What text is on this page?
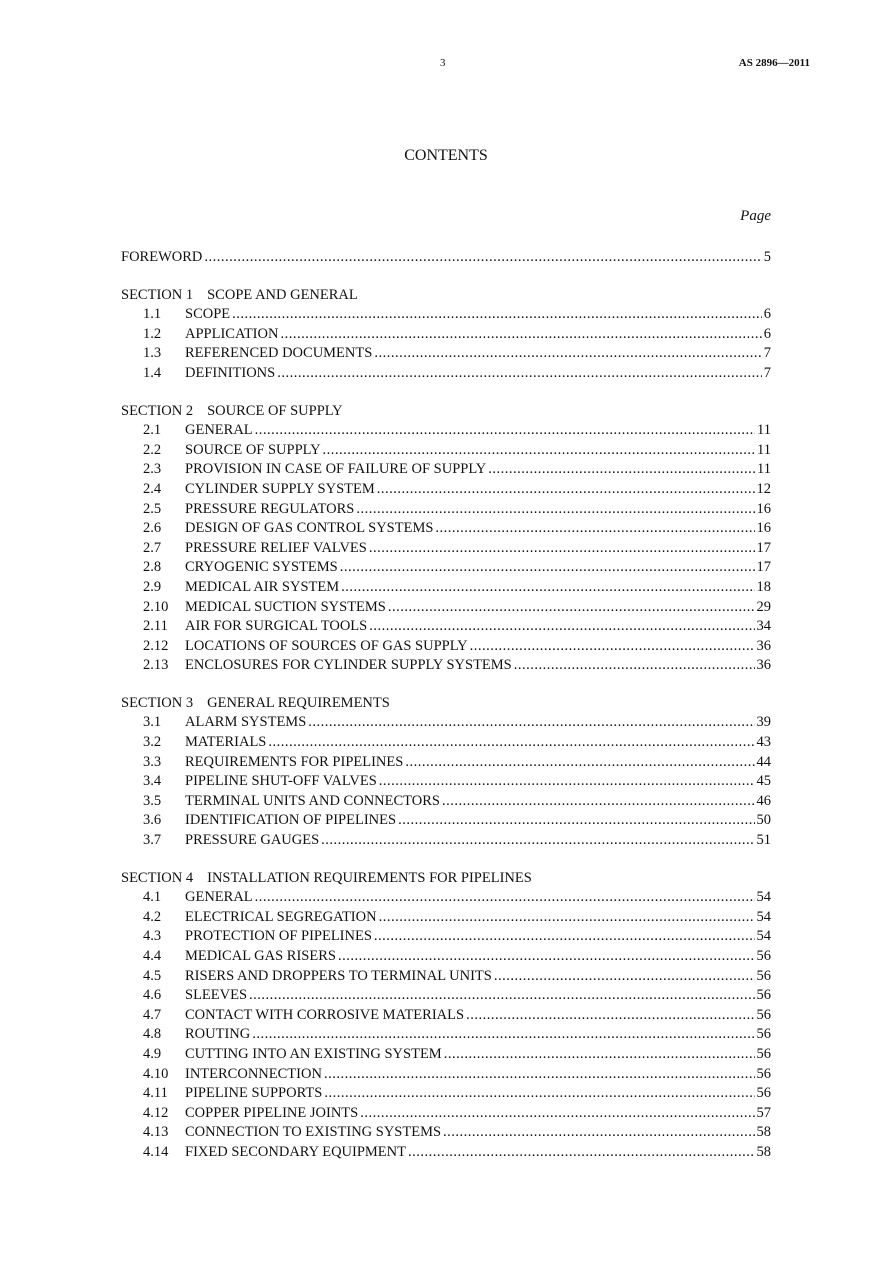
3	AS 2896—2011
CONTENTS
Page
FOREWORD .....	5
SECTION 1 SCOPE AND GENERAL
1.1	SCOPE .....	6
1.2	APPLICATION .....	6
1.3	REFERENCED DOCUMENTS .....	7
1.4	DEFINITIONS .....	7
SECTION 2 SOURCE OF SUPPLY
2.1	GENERAL .....	11
2.2	SOURCE OF SUPPLY .....	11
2.3	PROVISION IN CASE OF FAILURE OF SUPPLY .....	11
2.4	CYLINDER SUPPLY SYSTEM .....	12
2.5	PRESSURE REGULATORS .....	16
2.6	DESIGN OF GAS CONTROL SYSTEMS .....	16
2.7	PRESSURE RELIEF VALVES .....	17
2.8	CRYOGENIC SYSTEMS .....	17
2.9	MEDICAL AIR SYSTEM .....	18
2.10	MEDICAL SUCTION SYSTEMS .....	29
2.11	AIR FOR SURGICAL TOOLS .....	34
2.12	LOCATIONS OF SOURCES OF GAS SUPPLY .....	36
2.13	ENCLOSURES FOR CYLINDER SUPPLY SYSTEMS .....	36
SECTION 3 GENERAL REQUIREMENTS
3.1	ALARM SYSTEMS .....	39
3.2	MATERIALS .....	43
3.3	REQUIREMENTS FOR PIPELINES .....	44
3.4	PIPELINE SHUT-OFF VALVES .....	45
3.5	TERMINAL UNITS AND CONNECTORS .....	46
3.6	IDENTIFICATION OF PIPELINES .....	50
3.7	PRESSURE GAUGES .....	51
SECTION 4 INSTALLATION REQUIREMENTS FOR PIPELINES
4.1	GENERAL .....	54
4.2	ELECTRICAL SEGREGATION .....	54
4.3	PROTECTION OF PIPELINES .....	54
4.4	MEDICAL GAS RISERS .....	56
4.5	RISERS AND DROPPERS TO TERMINAL UNITS .....	56
4.6	SLEEVES .....	56
4.7	CONTACT WITH CORROSIVE MATERIALS .....	56
4.8	ROUTING .....	56
4.9	CUTTING INTO AN EXISTING SYSTEM .....	56
4.10	INTERCONNECTION .....	56
4.11	PIPELINE SUPPORTS .....	56
4.12	COPPER PIPELINE JOINTS .....	57
4.13	CONNECTION TO EXISTING SYSTEMS .....	58
4.14	FIXED SECONDARY EQUIPMENT .....	58
